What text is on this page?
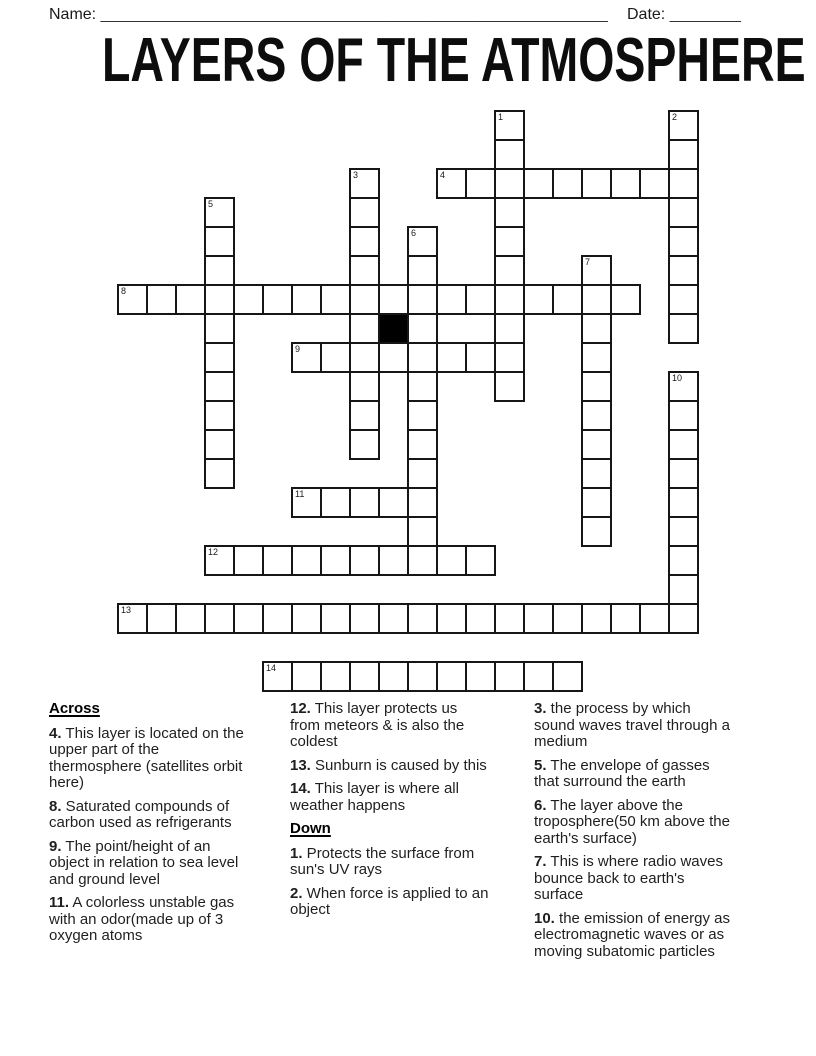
Name: _________________________________________________________ Date: ________
LAYERS OF THE ATMOSPHERE
1	2
3	4
5
6
7
8
9
10
11
12
13
14
Across
4. This layer is located on the upper part of the thermosphere (satellites orbit here)
8. Saturated compounds of carbon used as refrigerants
9. The point/height of an object in relation to sea level and ground level
11. A colorless unstable gas with an odor(made up of 3 oxygen atoms
12. This layer protects us from meteors & is also the coldest
13. Sunburn is caused by this
14. This layer is where all weather happens
Down
1. Protects the surface from sun's UV rays
2. When force is applied to an object
3. the process by which sound waves travel through a medium
5. The envelope of gasses that surround the earth
6. The layer above the troposphere(50 km above the earth's surface)
7. This is where radio waves bounce back to earth's surface
10. the emission of energy as electromagnetic waves or as moving subatomic particles
